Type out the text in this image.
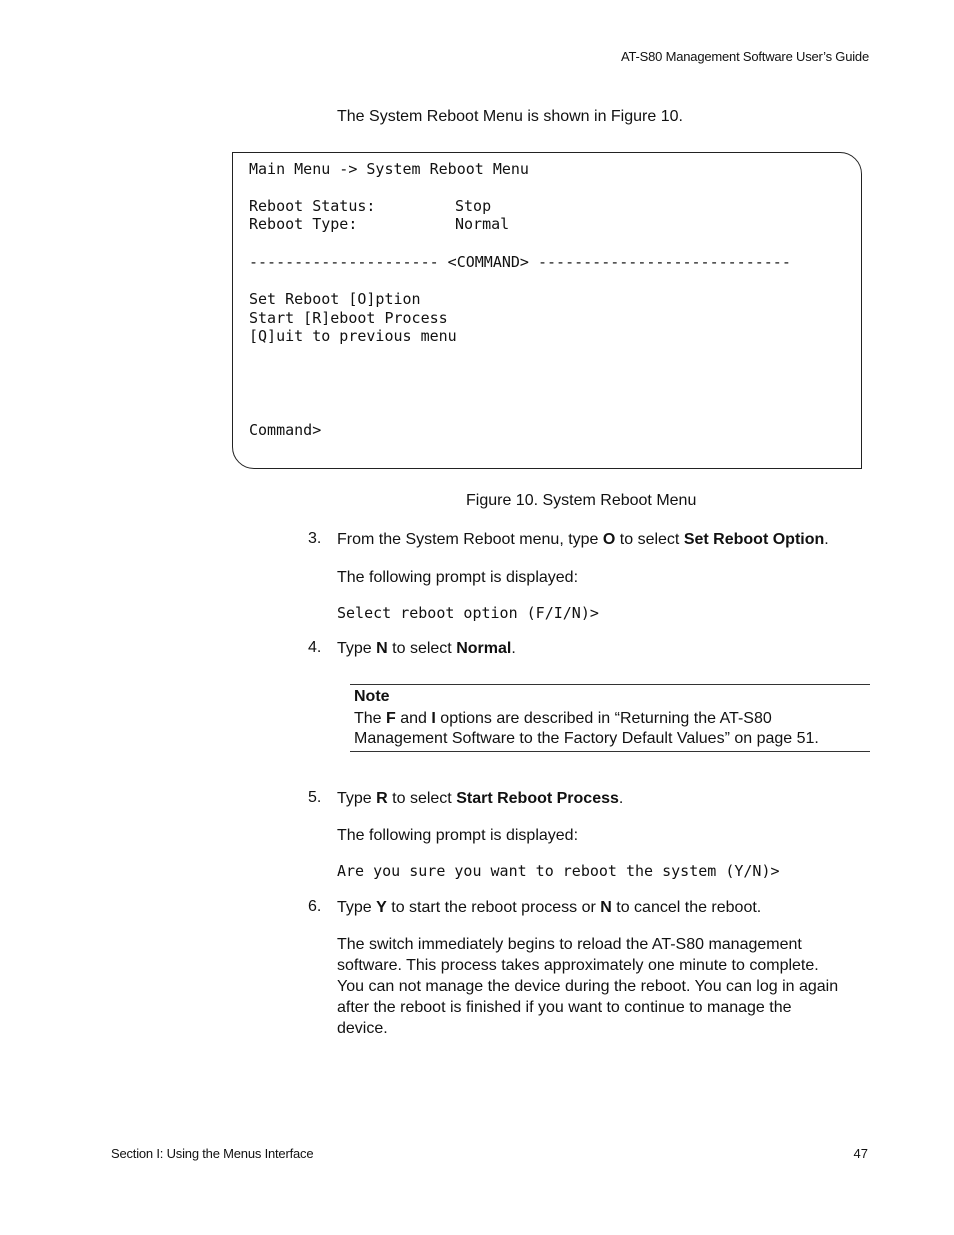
AT-S80 Management Software User’s Guide
The System Reboot Menu is shown in Figure 10.
Main Menu -> System Reboot Menu
Reboot Status:	Stop
Reboot Type:	Normal
--------------------- <COMMAND> ----------------------------
Set Reboot [O]ption
Start [R]eboot Process
[Q]uit to previous menu
Command>
Figure 10. System Reboot Menu
3. From the System Reboot menu, type O to select Set Reboot Option.
The following prompt is displayed:
Select reboot option (F/I/N)>
4. Type N to select Normal.
Note
The F and I options are described in “Returning the AT-S80
Management Software to the Factory Default Values” on page 51.
5. Type R to select Start Reboot Process.
The following prompt is displayed:
Are you sure you want to reboot the system (Y/N)>
6. Type Y to start the reboot process or N to cancel the reboot.
The switch immediately begins to reload the AT-S80 management
software. This process takes approximately one minute to complete.
You can not manage the device during the reboot. You can log in again
after the reboot is finished if you want to continue to manage the
device.
Section I: Using the Menus Interface	47
